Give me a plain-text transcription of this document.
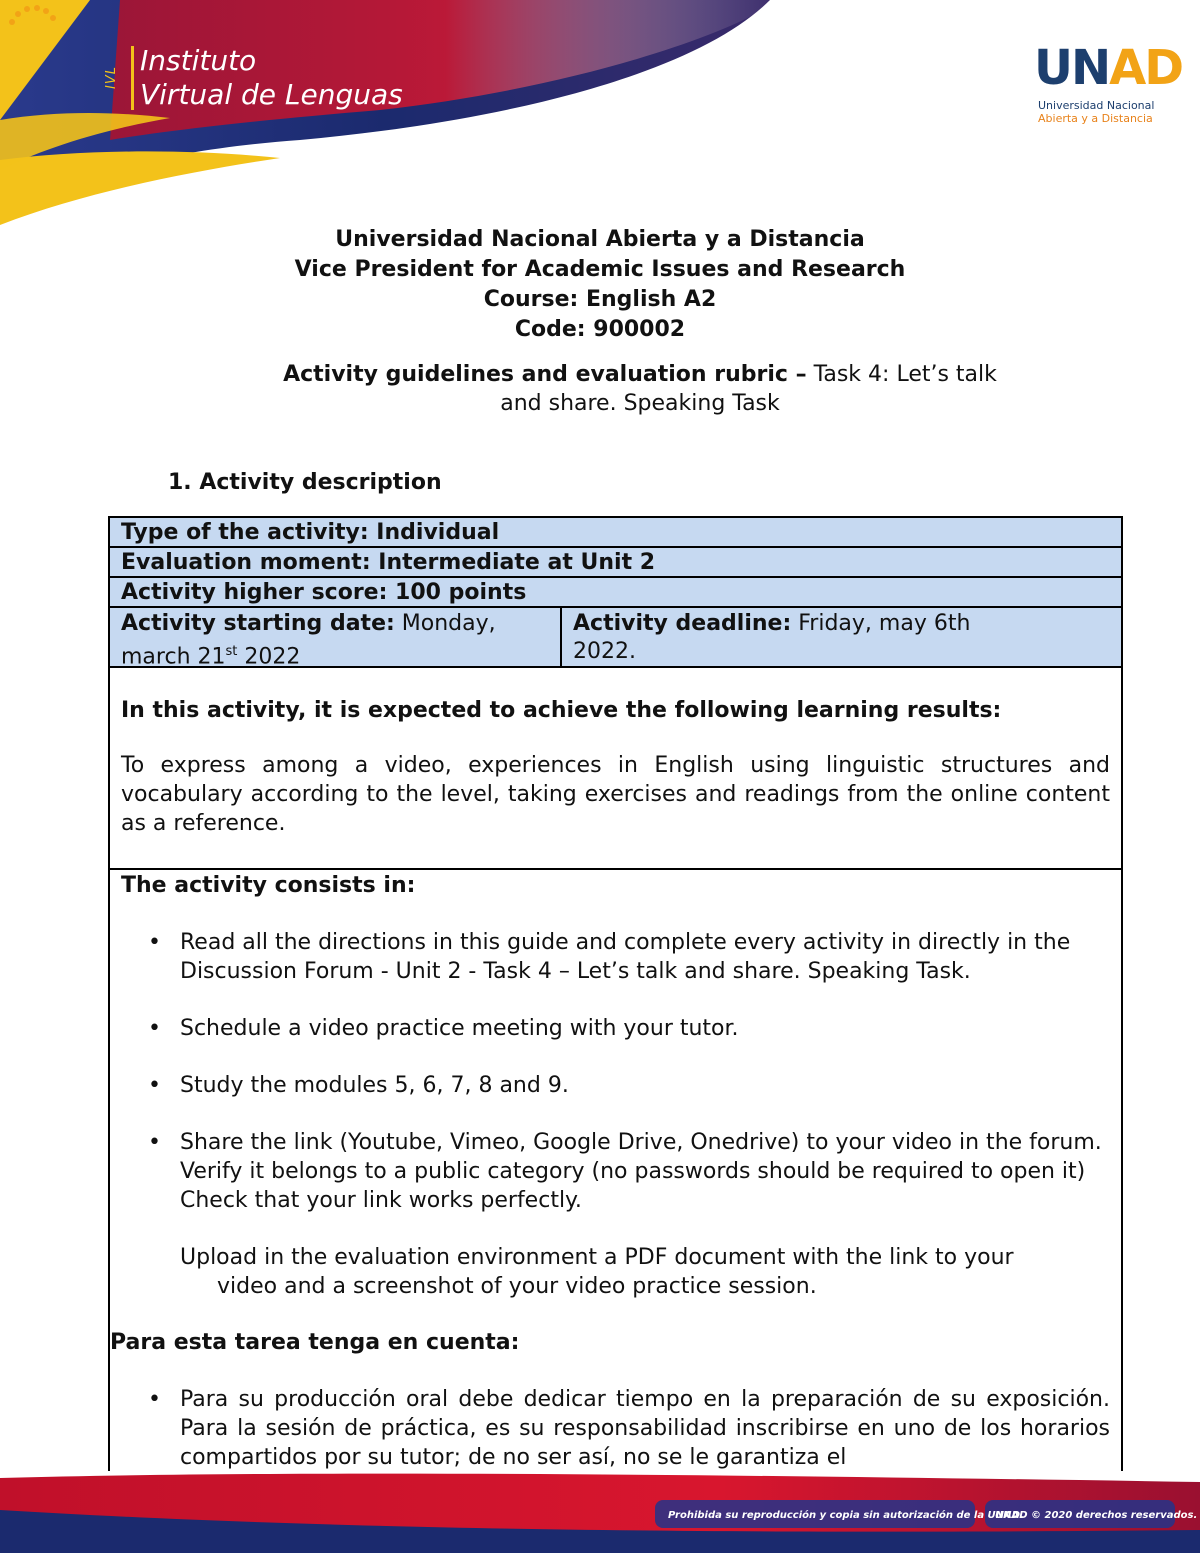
IVL
Instituto
Virtual de Lenguas	UNAD
Universidad Nacional
Abierta y a Distancia
Universidad Nacional Abierta y a Distancia
Vice President for Academic Issues and Research
Course: English A2
Code: 900002
Activity guidelines and evaluation rubric – Task 4: Let’s talk
and share. Speaking Task
1. Activity description
Type of the activity: Individual
Evaluation moment: Intermediate at Unit 2
Activity higher score: 100 points
Activity starting date: Monday,
march 21st 2022
Activity deadline: Friday, may 6th
2022.
In this activity, it is expected to achieve the following learning results:
To express among a video, experiences in English using linguistic structures and vocabulary according to the level, taking exercises and readings from the online content as a reference.
The activity consists in:
• Read all the directions in this guide and complete every activity in directly in the Discussion Forum - Unit 2 - Task 4 – Let’s talk and share. Speaking Task.
• Schedule a video practice meeting with your tutor.
• Study the modules 5, 6, 7, 8 and 9.
• Share the link (Youtube, Vimeo, Google Drive, Onedrive) to your video in the forum. Verify it belongs to a public category (no passwords should be required to open it) Check that your link works perfectly.
Upload in the evaluation environment a PDF document with the link to your
video and a screenshot of your video practice session.
Para esta tarea tenga en cuenta:
• Para su producción oral debe dedicar tiempo en la preparación de su exposición. Para la sesión de práctica, es su responsabilidad inscribirse en uno de los horarios compartidos por su tutor; de no ser así, no se le garantiza el
Prohibida su reproducción y copia sin autorización de la UNAD.
UNAD © 2020 derechos reservados.
